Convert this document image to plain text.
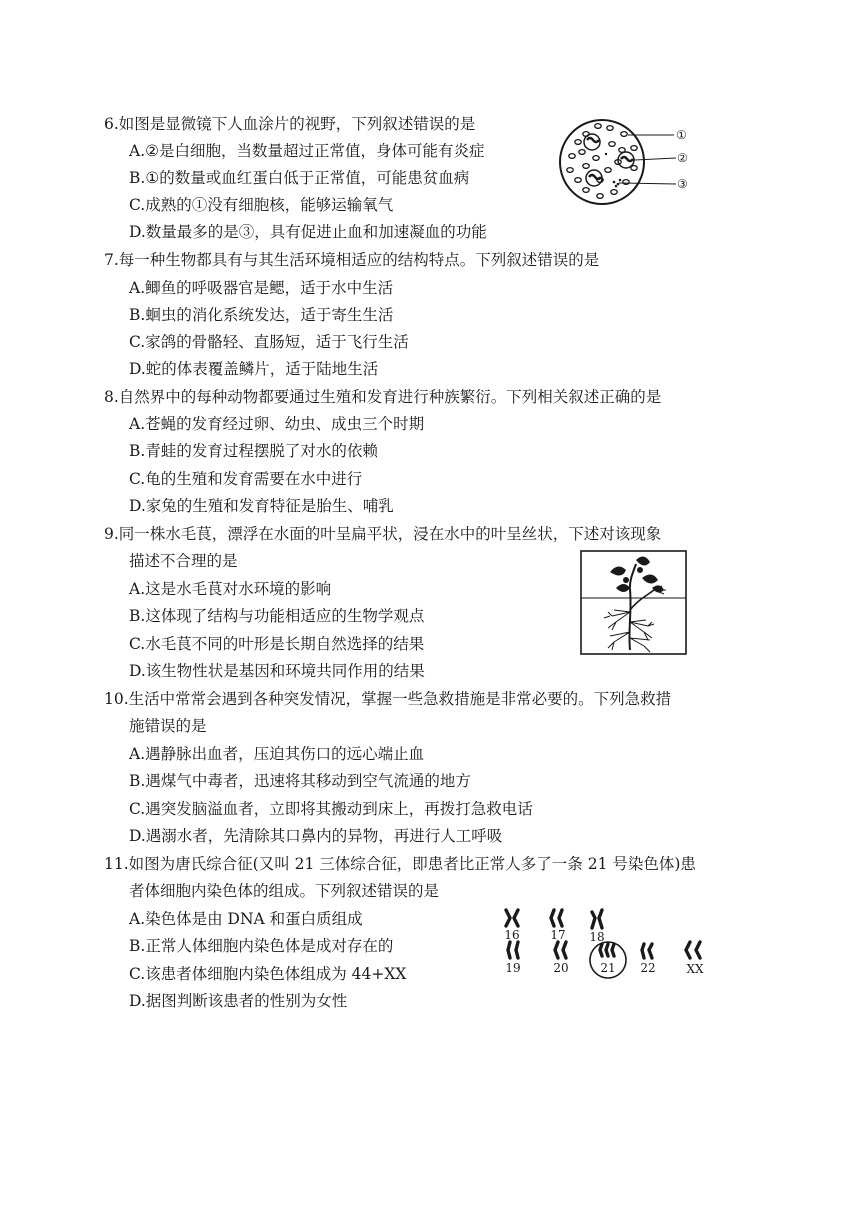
6.如图是显微镜下人血涂片的视野，下列叙述错误的是
A.②是白细胞，当数量超过正常值，身体可能有炎症
B.①的数量或血红蛋白低于正常值，可能患贫血病
C.成熟的①没有细胞核，能够运输氧气
D.数量最多的是③，具有促进止血和加速凝血的功能
①
②
③
7.每一种生物都具有与其生活环境相适应的结构特点。下列叙述错误的是
A.鲫鱼的呼吸器官是鳃，适于水中生活
B.蛔虫的消化系统发达，适于寄生生活
C.家鸽的骨骼轻、直肠短，适于飞行生活
D.蛇的体表覆盖鳞片，适于陆地生活
8.自然界中的每种动物都要通过生殖和发育进行种族繁衍。下列相关叙述正确的是
A.苍蝇的发育经过卵、幼虫、成虫三个时期
B.青蛙的发育过程摆脱了对水的依赖
C.龟的生殖和发育需要在水中进行
D.家兔的生殖和发育特征是胎生、哺乳
9.同一株水毛茛，漂浮在水面的叶呈扁平状，浸在水中的叶呈丝状，下述对该现象
描述不合理的是
A.这是水毛茛对水环境的影响
B.这体现了结构与功能相适应的生物学观点
C.水毛茛不同的叶形是长期自然选择的结果
D.该生物性状是基因和环境共同作用的结果
10.生活中常常会遇到各种突发情况，掌握一些急救措施是非常必要的。下列急救措
施错误的是
A.遇静脉出血者，压迫其伤口的远心端止血
B.遇煤气中毒者，迅速将其移动到空气流通的地方
C.遇突发脑溢血者，立即将其搬动到床上，再拨打急救电话
D.遇溺水者，先清除其口鼻内的异物，再进行人工呼吸
11.如图为唐氏综合征(又叫 21 三体综合征，即患者比正常人多了一条 21 号染色体)患
者体细胞内染色体的组成。下列叙述错误的是
A.染色体是由 DNA 和蛋白质组成
B.正常人体细胞内染色体是成对存在的
C.该患者体细胞内染色体组成为 44+XX
D.据图判断该患者的性别为女性
16	17 18
19	20	21 22	XX
